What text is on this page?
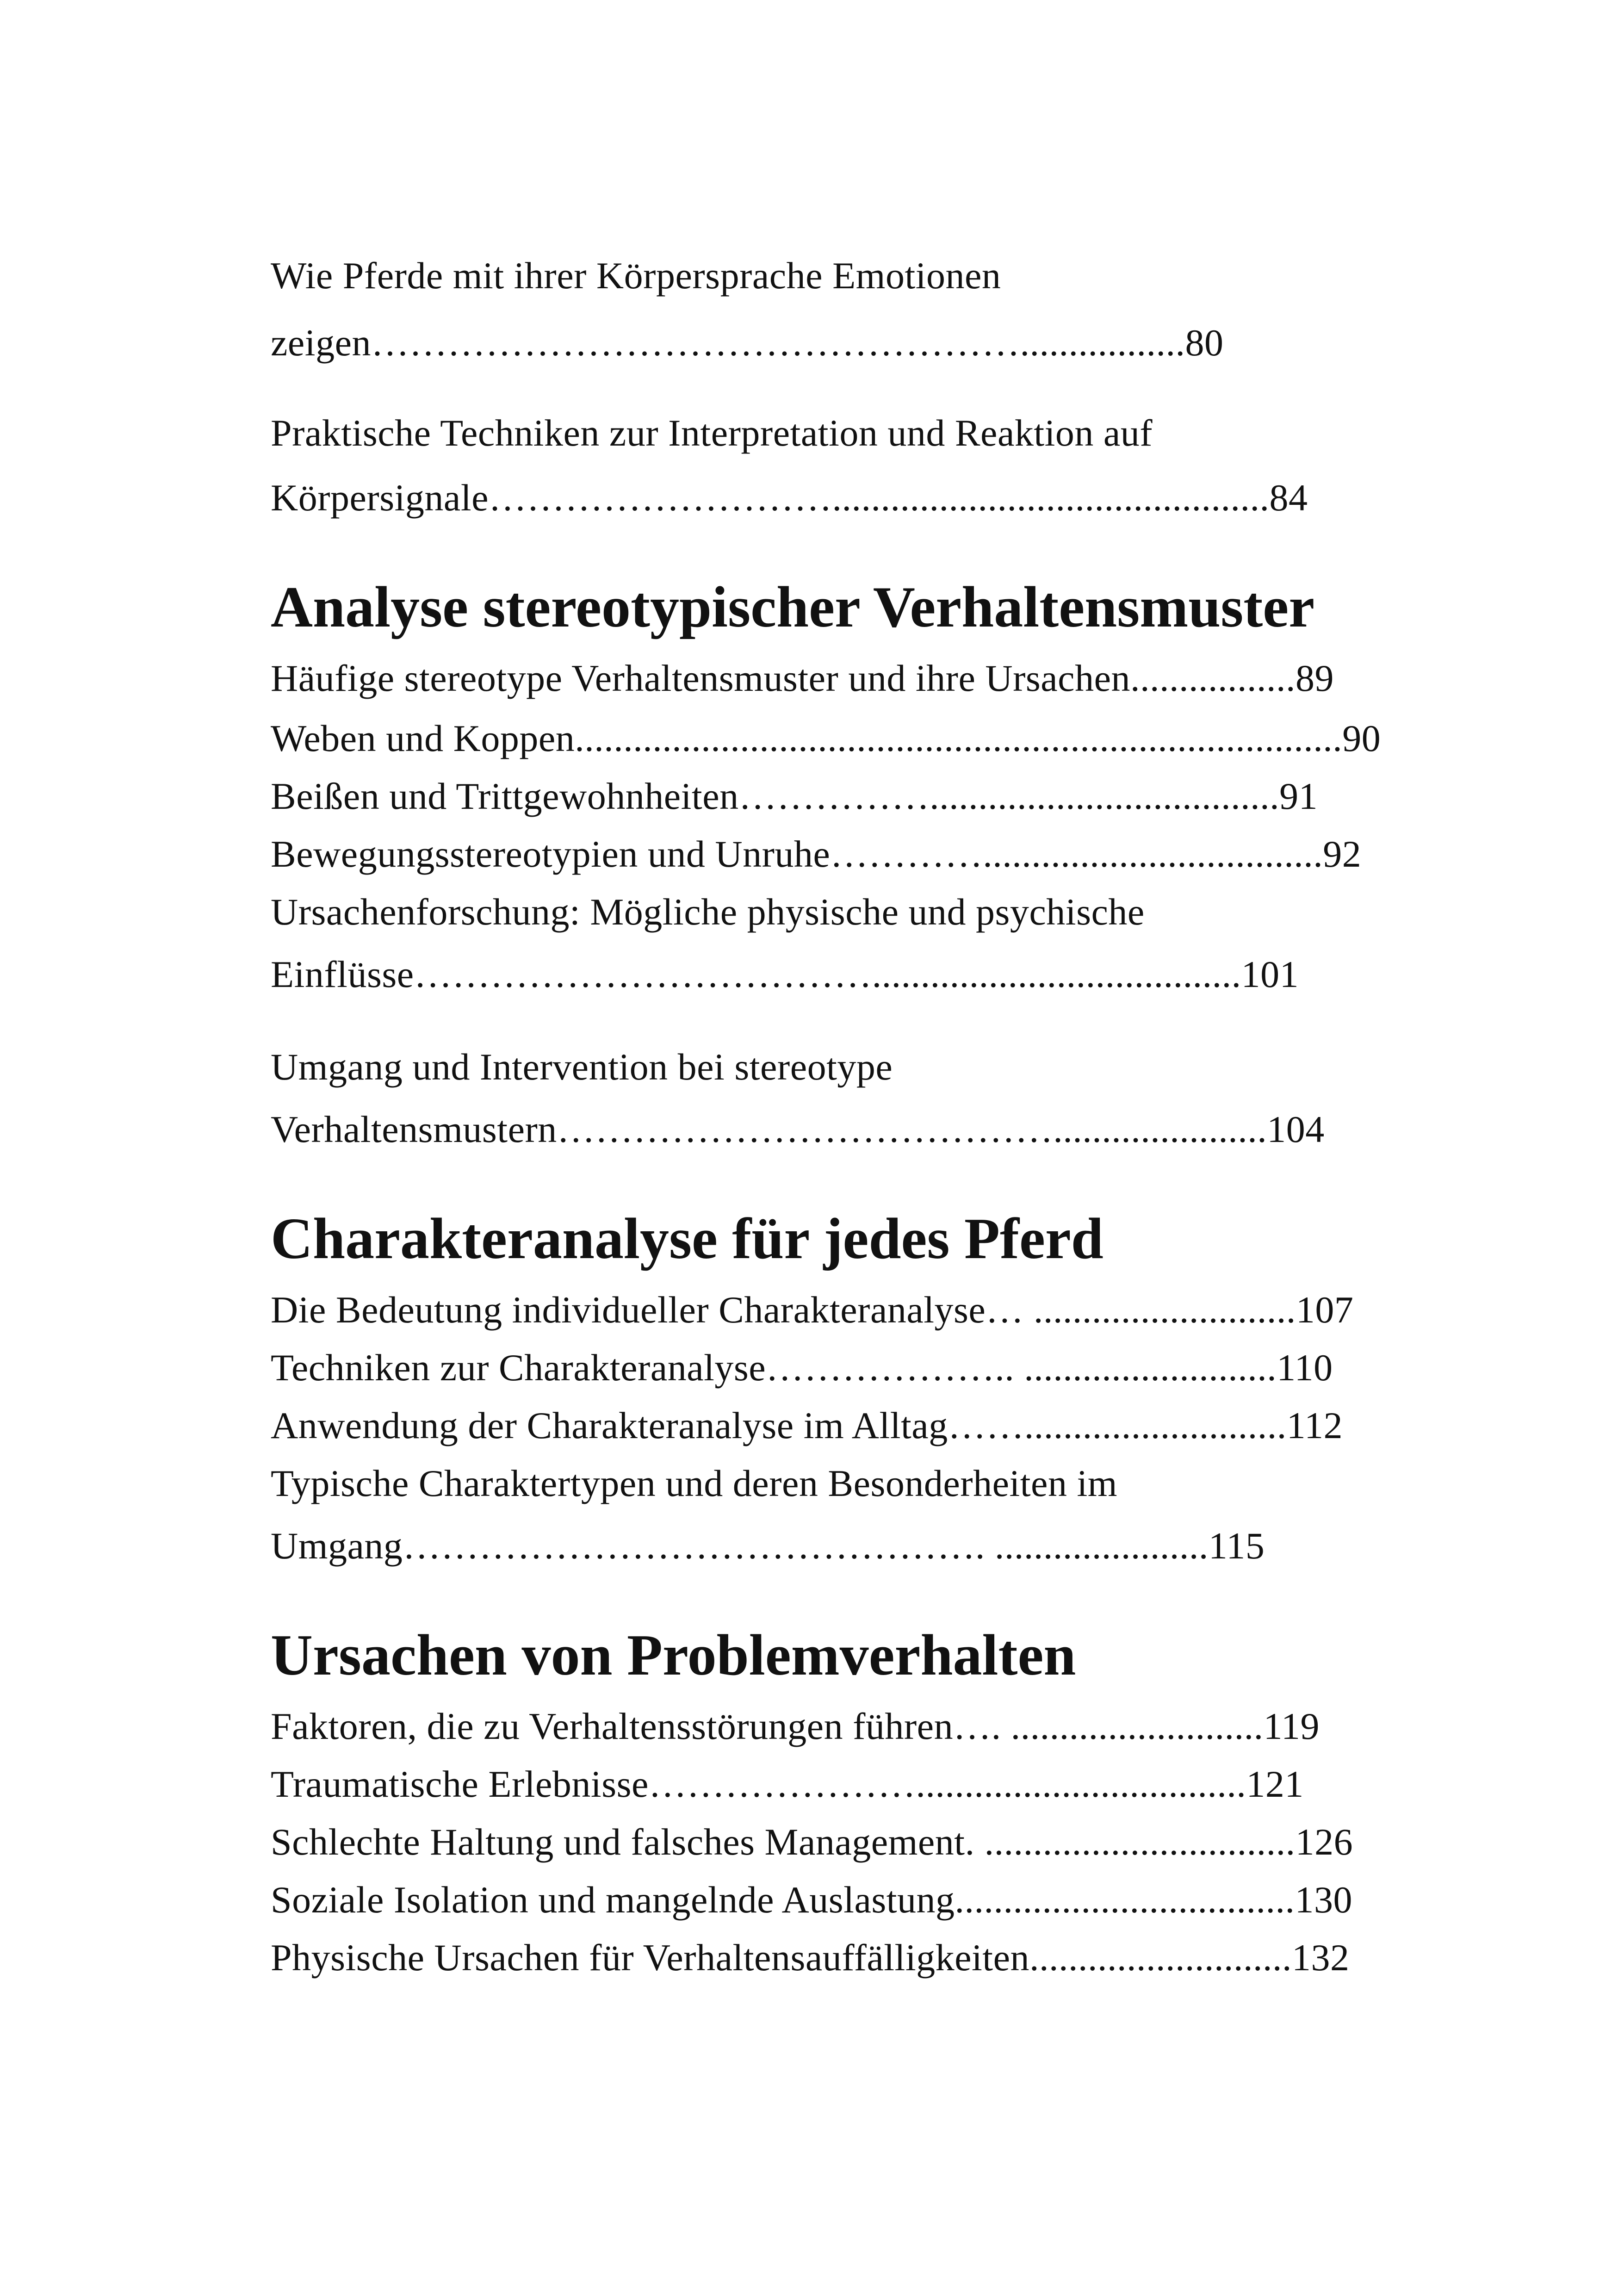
Wie Pferde mit ihrer Körpersprache Emotionen
zeigen…………………………………………….................80
Praktische Techniken zur Interpretation und Reaktion auf
Körpersignale……………………….............................................84
Analyse stereotypischer Verhaltensmuster
Häufige stereotype Verhaltensmuster und ihre Ursachen.................89
Weben und Koppen...............................................................................90
Beißen und Trittgewohnheiten……………....................................91
Bewegungsstereotypien und Unruhe…………...................................92
Ursachenforschung: Mögliche physische und psychische
Einflüsse………………………………......................................101
Umgang und Intervention bei stereotype
Verhaltensmustern…………………………………......................104
Charakteranalyse für jedes Pferd
Die Bedeutung individueller Charakteranalyse… ...........................107
Techniken zur Charakteranalyse……………….. ..........................110
Anwendung der Charakteranalyse im Alltag……...........................112
Typische Charaktertypen und deren Besonderheiten im
Umgang………………………………………. ......................115
Ursachen von Problemverhalten
Faktoren, die zu Verhaltensstörungen führen…. ..........................119
Traumatische Erlebnisse…………………..................................121
Schlechte Haltung und falsches Management. ................................126
Soziale Isolation und mangelnde Auslastung...................................130
Physische Ursachen für Verhaltensauffälligkeiten...........................132
